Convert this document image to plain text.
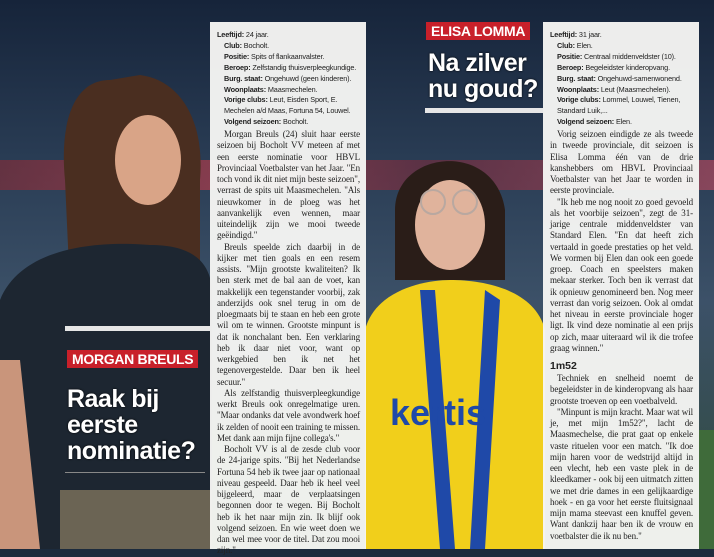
kertis
MORGAN BREULS
Raak bij
eerste
nominatie?
Leeftijd: 24 jaar.
Club: Bocholt.
Positie: Spits of flankaanvalster.
Beroep: Zelfstandig thuisverpleegkundige.
Burg. staat: Ongehuwd (geen kinderen).
Woonplaats: Maasmechelen.
Vorige clubs: Leut, Eisden Sport, E. Mechelen a/d Maas, Fortuna 54, Louwel.
Volgend seizoen: Bocholt.

Morgan Breuls (24) sluit haar eerste seizoen bij Bocholt VV meteen af met een eerste nominatie voor HBVL Provinciaal Voetbalster van het Jaar. "En toch vond ik dit niet mijn beste seizoen", verrast de spits uit Maasmechelen. "Als nieuwkomer in de ploeg was het aanvankelijk even wennen, maar uiteindelijk zijn we mooi tweede geëindigd."

Breuls speelde zich daarbij in de kijker met tien goals en een resem assists. "Mijn grootste kwaliteiten? Ik ben sterk met de bal aan de voet, kan makkelijk een tegenstander voorbij, zak anderzijds ook snel terug in om de ploegmaats bij te staan en heb een grote wil om te winnen. Grootste minpunt is dat ik nonchalant ben. Een verklaring heb ik daar niet voor, want op werkgebied ben ik net het tegenovergestelde. Daar ben ik heel secuur."

Als zelfstandig thuisverpleegkundige werkt Breuls ook onregelmatige uren. "Maar ondanks dat vele avondwerk hoef ik zelden of nooit een training te missen. Met dank aan mijn fijne collega's."

Bocholt VV is al de zesde club voor de 24-jarige spits. "Bij het Nederlandse Fortuna 54 heb ik twee jaar op nationaal niveau gespeeld. Daar heb ik heel veel bijgeleerd, maar de verplaatsingen begonnen door te wegen. Bij Bocholt heb ik het naar mijn zin. Ik blijf ook volgend seizoen. En wie weet doen we dan wel mee voor de titel. Dat zou mooi zijn."

ELISA LOMMA
Na zilver
nu goud?
Leeftijd: 31 jaar.
Club: Elen.
Positie: Centraal middenveldster (10).
Beroep: Begeleidster kinderopvang.
Burg. staat: Ongehuwd-samenwonend.
Woonplaats: Leut (Maasmechelen).
Vorige clubs: Lommel, Louwel, Tienen, Standard Luik,...
Volgend seizoen: Elen.

Vorig seizoen eindigde ze als tweede in tweede provinciale, dit seizoen is Elisa Lomma één van de drie kanshebbers om HBVL Provinciaal Voetbalster van het Jaar te worden in eerste provinciale.

"Ik heb me nog nooit zo goed gevoeld als het voorbije seizoen", zegt de 31-jarige centrale middenveldster van Standard Elen. "En dat heeft zich vertaald in goede prestaties op het veld. We vormen bij Elen dan ook een goede groep. Coach en speelsters maken mekaar sterker. Toch ben ik verrast dat ik opnieuw genomineerd ben. Nog meer verrast dan vorig seizoen. Ook al omdat het niveau in eerste provinciale hoger ligt. Ik vind deze nominatie al een prijs op zich, maar uiteraard wil ik die trofee graag winnen."

1m52

Techniek en snelheid noemt de begeleidster in de kinderopvang als haar grootste troeven op een voetbalveld.

"Minpunt is mijn kracht. Maar wat wil je, met mijn 1m52?", lacht de Maasmechelse, die prat gaat op enkele vaste rituelen voor een match. "Ik doe mijn haren voor de wedstrijd altijd in een vlecht, heb een vaste plek in de kleedkamer - ook bij een uitmatch zitten we met drie dames in een gelijkaardige hoek - en ga voor het eerste fluitsignaal mijn mama steevast een knuffel geven. Want dankzij haar ben ik de vrouw en voetbalster die ik nu ben."
